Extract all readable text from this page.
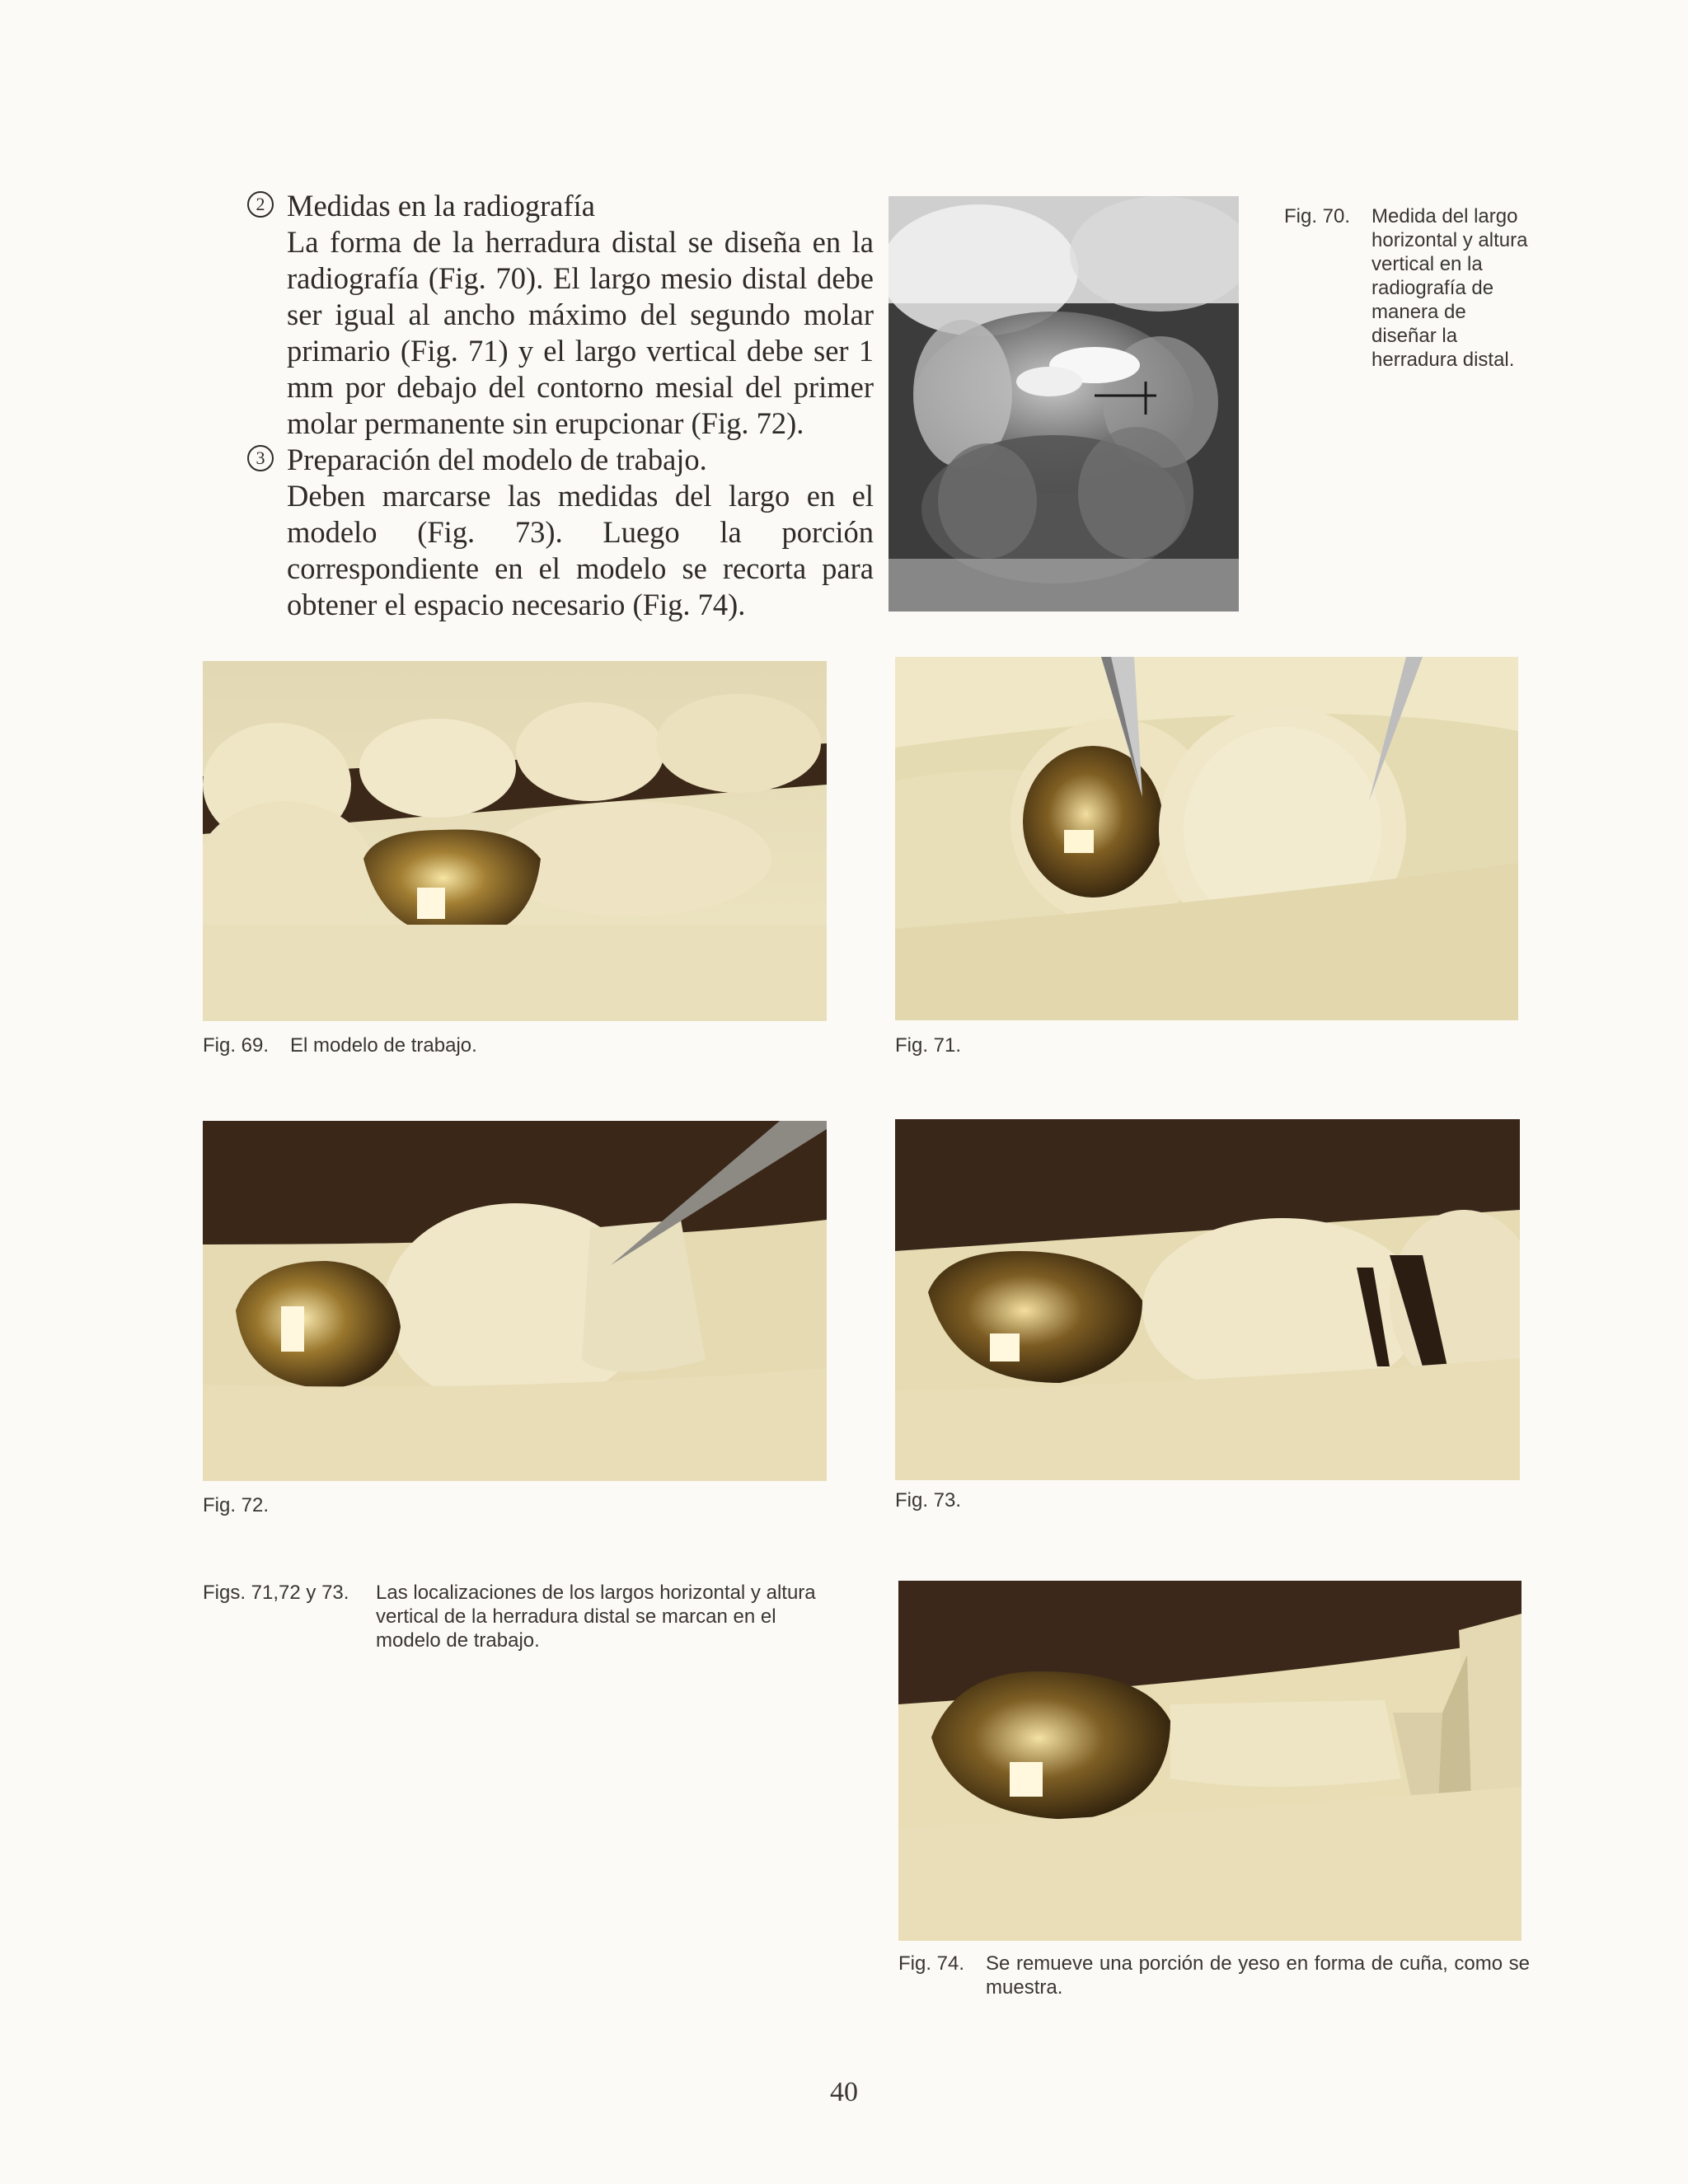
2 Medidas en la radiografía
La forma de la herradura distal se diseña en la radiografía (Fig. 70). El largo mesio distal debe ser igual al ancho máximo del segundo molar primario (Fig. 71) y el largo vertical debe ser 1 mm por debajo del contorno mesial del primer molar permanente sin erupcionar (Fig. 72).
3 Preparación del modelo de trabajo.
Deben marcarse las medidas del largo en el modelo (Fig. 73). Luego la porción correspondiente en el modelo se recorta para obtener el espacio necesario (Fig. 74).
Fig. 70. Medida del largo horizontal y altura vertical en la radiografía de manera de diseñar la herradura distal.
Fig. 69. El modelo de trabajo.	Fig. 71.
Fig. 72.	Fig. 73.
Figs. 71,72 y 73. Las localizaciones de los largos horizontal y altura vertical de la herradura distal se marcan en el modelo de trabajo.
Fig. 74. Se remueve una porción de yeso en forma de cuña, como se muestra.
40
